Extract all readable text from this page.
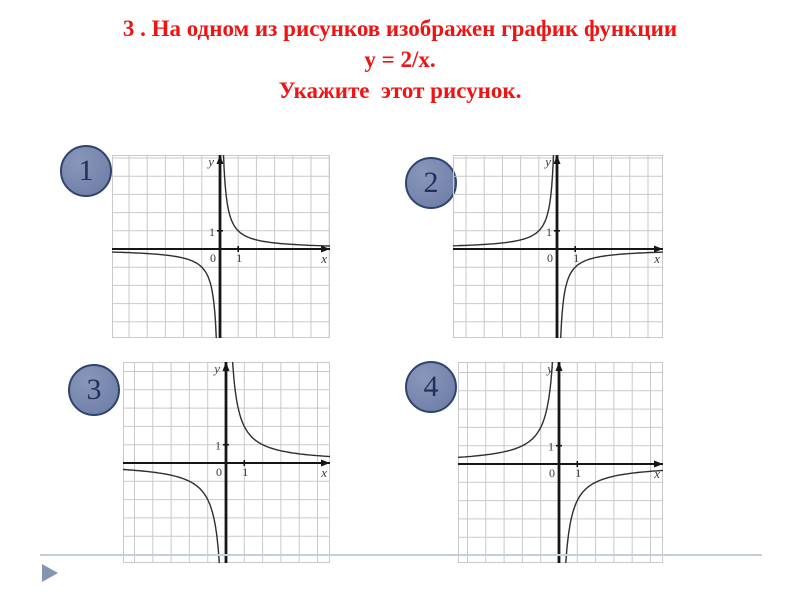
3 . На одном из рисунков изображен график функции
у = 2/х.
Укажите  этот рисунок.
1	y
x
0 1
1
2
y
x
0 1
1
3
y
x
0 1
1
4
y
x
0 1
1
